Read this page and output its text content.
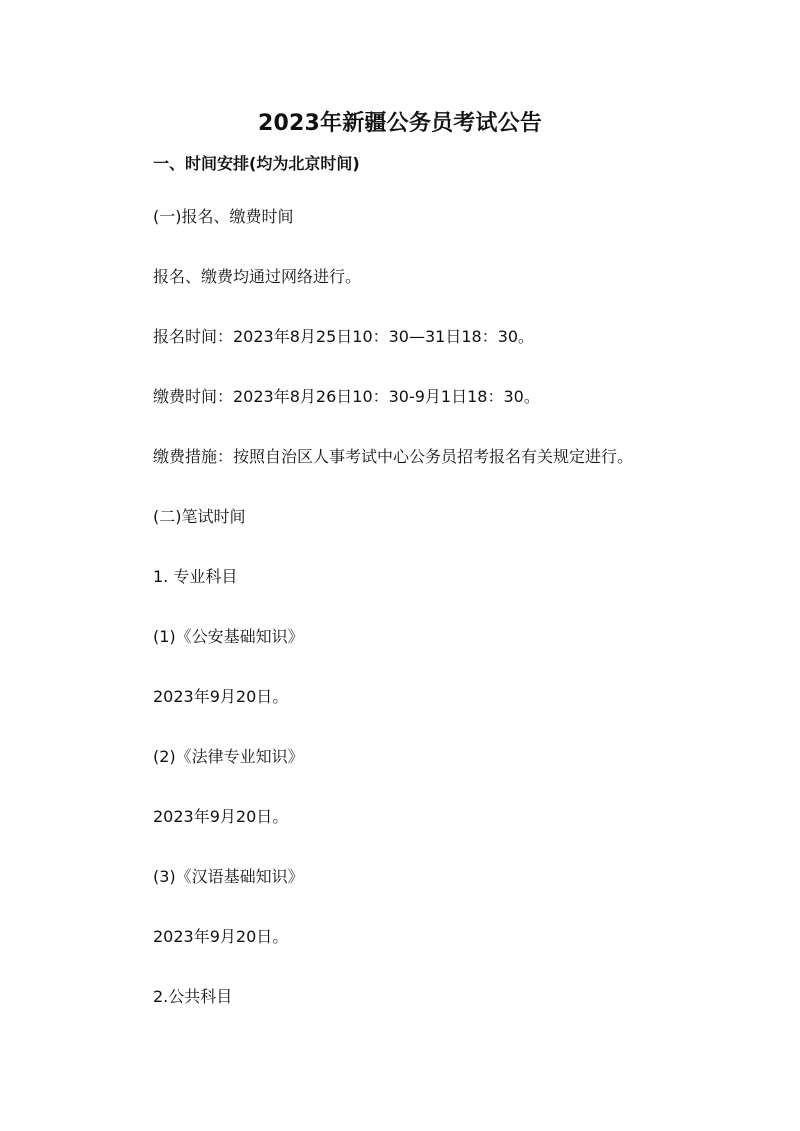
2023年新疆公务员考试公告
一、时间安排(均为北京时间)
(一)报名、缴费时间
报名、缴费均通过网络进行。
报名时间：2023年8月25日10：30—31日18：30。
缴费时间：2023年8月26日10：30-9月1日18：30。
缴费措施：按照自治区人事考试中心公务员招考报名有关规定进行。
(二)笔试时间
1. 专业科目
(1)《公安基础知识》
2023年9月20日。
(2)《法律专业知识》
2023年9月20日。
(3)《汉语基础知识》
2023年9月20日。
2.公共科目
